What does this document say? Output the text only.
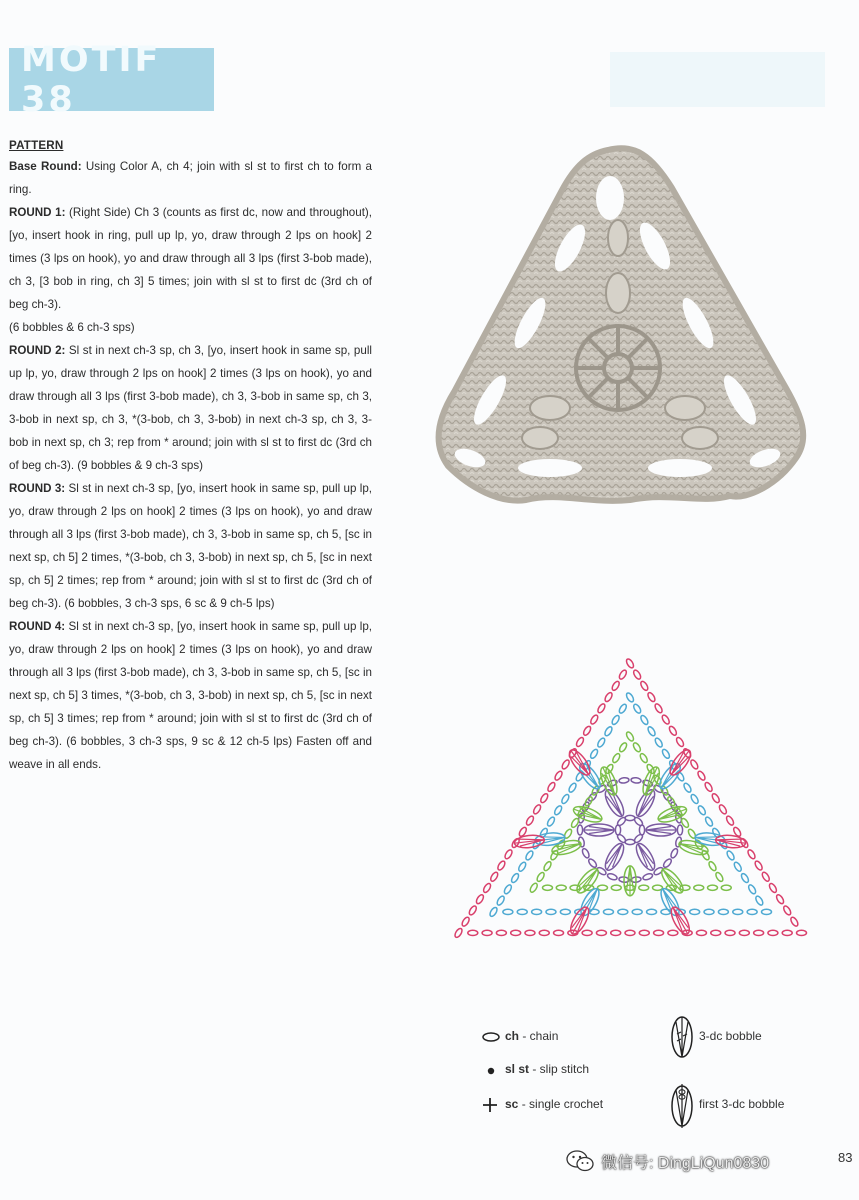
MOTIF 38
PATTERN

Base Round: Using Color A, ch 4; join with sl st to first ch to form a ring.

ROUND 1: (Right Side) Ch 3 (counts as first dc, now and throughout), [yo, insert hook in ring, pull up lp, yo, draw through 2 lps on hook] 2 times (3 lps on hook), yo and draw through all 3 lps (first 3-bob made), ch 3, [3 bob in ring, ch 3] 5 times; join with sl st to first dc (3rd ch of beg ch-3).

(6 bobbles & 6 ch-3 sps)

ROUND 2: Sl st in next ch-3 sp, ch 3, [yo, insert hook in same sp, pull up lp, yo, draw through 2 lps on hook] 2 times (3 lps on hook), yo and draw through all 3 lps (first 3-bob made), ch 3, 3-bob in same sp, ch 3, 3-bob in next sp, ch 3, *(3-bob, ch 3, 3-bob) in next ch-3 sp, ch 3, 3-bob in next sp, ch 3; rep from * around; join with sl st to first dc (3rd ch of beg ch-3). (9 bobbles & 9 ch-3 sps)

ROUND 3: Sl st in next ch-3 sp, [yo, insert hook in same sp, pull up lp, yo, draw through 2 lps on hook] 2 times (3 lps on hook), yo and draw through all 3 lps (first 3-bob made), ch 3, 3-bob in same sp, ch 5, [sc in next sp, ch 5] 2 times, *(3-bob, ch 3, 3-bob) in next sp, ch 5, [sc in next sp, ch 5] 2 times; rep from * around; join with sl st to first dc (3rd ch of beg ch-3). (6 bobbles, 3 ch-3 sps, 6 sc & 9 ch-5 lps)

ROUND 4: Sl st in next ch-3 sp, [yo, insert hook in same sp, pull up lp, yo, draw through 2 lps on hook] 2 times (3 lps on hook), yo and draw through all 3 lps (first 3-bob made), ch 3, 3-bob in same sp, ch 5, [sc in next sp, ch 5] 3 times, *(3-bob, ch 3, 3-bob) in next sp, ch 5, [sc in next sp, ch 5] 3 times; rep from * around; join with sl st to first dc (3rd ch of beg ch-3). (6 bobbles, 3 ch-3 sps, 9 sc & 12 ch-5 lps) Fasten off and weave in all ends.

ch - chain
sl st - slip stitch
sc - single crochet
3-dc bobble
first 3-dc bobble
微信号: DingLiQun0830	83
